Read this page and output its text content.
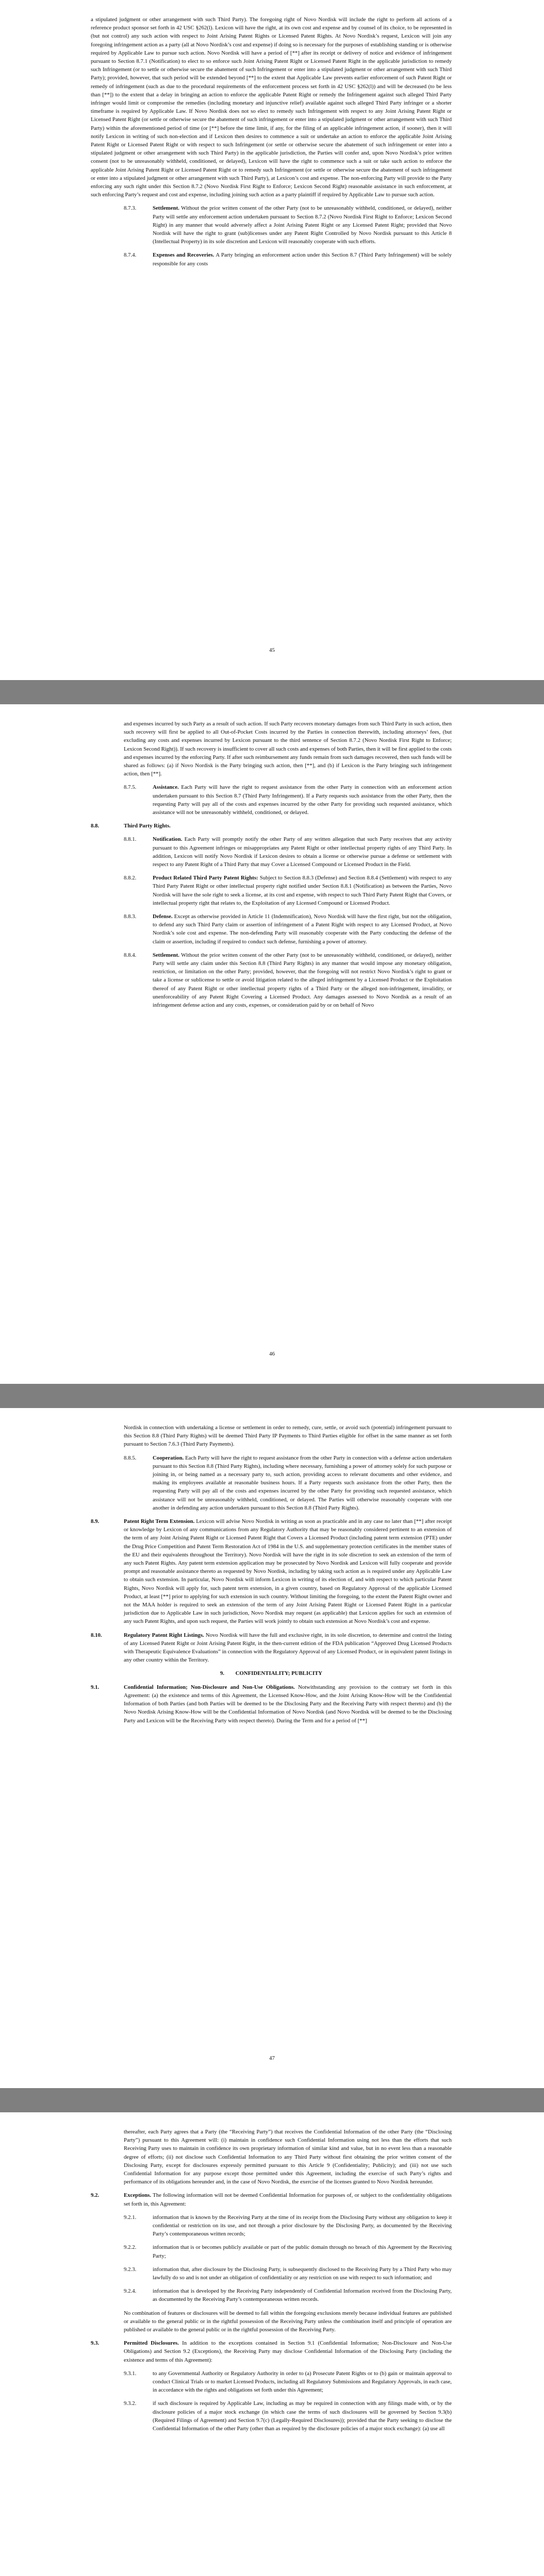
a stipulated judgment or other arrangement with such Third Party). The foregoing right of Novo Nordisk will include the right to perform all actions of a reference product sponsor set forth in 42 USC §262(l). Lexicon will have the right, at its own cost and expense and by counsel of its choice, to be represented in (but not control) any such action with respect to Joint Arising Patent Rights or Licensed Patent Rights. At Novo Nordisk’s request, Lexicon will join any foregoing infringement action as a party (all at Novo Nordisk’s cost and expense) if doing so is necessary for the purposes of establishing standing or is otherwise required by Applicable Law to pursue such action. Novo Nordisk will have a period of [**] after its receipt or delivery of notice and evidence of infringement pursuant to Section 8.7.1 (Notification) to elect to so enforce such Joint Arising Patent Right or Licensed Patent Right in the applicable jurisdiction to remedy such Infringement (or to settle or otherwise secure the abatement of such Infringement or enter into a stipulated judgment or other arrangement with such Third Party); provided, however, that such period will be extended beyond [**] to the extent that Applicable Law prevents earlier enforcement of such Patent Right or remedy of infringement (such as due to the procedural requirements of the enforcement process set forth in 42 USC §262(l)) and will be decreased (to be less than [**]) to the extent that a delay in bringing an action to enforce the applicable Patent Right or remedy the Infringement against such alleged Third Party infringer would limit or compromise the remedies (including monetary and injunctive relief) available against such alleged Third Party infringer or a shorter timeframe is required by Applicable Law. If Novo Nordisk does not so elect to remedy such Infringement with respect to any Joint Arising Patent Right or Licensed Patent Right (or settle or otherwise secure the abatement of such infringement or enter into a stipulated judgment or other arrangement with such Third Party) within the aforementioned period of time (or [**] before the time limit, if any, for the filing of an applicable infringement action, if sooner), then it will notify Lexicon in writing of such non-election and if Lexicon then desires to commence a suit or undertake an action to enforce the applicable Joint Arising Patent Right or Licensed Patent Right or with respect to such Infringement (or settle or otherwise secure the abatement of such infringement or enter into a stipulated judgment or other arrangement with such Third Party) in the applicable jurisdiction, the Parties will confer and, upon Novo Nordisk’s prior written consent (not to be unreasonably withheld, conditioned, or delayed), Lexicon will have the right to commence such a suit or take such action to enforce the applicable Joint Arising Patent Right or Licensed Patent Right or to remedy such Infringement (or settle or otherwise secure the abatement of such infringement or enter into a stipulated judgment or other arrangement with such Third Party), at Lexicon’s cost and expense. The non-enforcing Party will provide to the Party enforcing any such right under this Section 8.7.2 (Novo Nordisk First Right to Enforce; Lexicon Second Right) reasonable assistance in such enforcement, at such enforcing Party’s request and cost and expense, including joining such action as a party plaintiff if required by Applicable Law to pursue such action.

8.7.3.	Settlement. Without the prior written consent of the other Party (not to be unreasonably withheld, conditioned, or delayed), neither Party will settle any enforcement action undertaken pursuant to Section 8.7.2 (Novo Nordisk First Right to Enforce; Lexicon Second Right) in any manner that would adversely affect a Joint Arising Patent Right or any Licensed Patent Right; provided that Novo Nordisk will have the right to grant (sub)licenses under any Patent Right Controlled by Novo Nordisk pursuant to this Article 8 (Intellectual Property) in its sole discretion and Lexicon will reasonably cooperate with such efforts.
8.7.4.	Expenses and Recoveries. A Party bringing an enforcement action under this Section 8.7 (Third Party Infringement) will be solely responsible for any costs
45

and expenses incurred by such Party as a result of such action. If such Party recovers monetary damages from such Third Party in such action, then such recovery will first be applied to all Out-of-Pocket Costs incurred by the Parties in connection therewith, including attorneys’ fees, (but excluding any costs and expenses incurred by Lexicon pursuant to the third sentence of Section 8.7.2 (Novo Nordisk First Right to Enforce; Lexicon Second Right)). If such recovery is insufficient to cover all such costs and expenses of both Parties, then it will be first applied to the costs and expenses incurred by the enforcing Party. If after such reimbursement any funds remain from such damages recovered, then such funds will be shared as follows: (a) if Novo Nordisk is the Party bringing such action, then [**], and (b) if Lexicon is the Party bringing such infringement action, then [**].

8.7.5.	Assistance. Each Party will have the right to request assistance from the other Party in connection with an enforcement action undertaken pursuant to this Section 8.7 (Third Party Infringement). If a Party requests such assistance from the other Party, then the requesting Party will pay all of the costs and expenses incurred by the other Party for providing such requested assistance, which assistance will not be unreasonably withheld, conditioned, or delayed.
8.8.	Third Party Rights.
8.8.1.	Notification. Each Party will promptly notify the other Party of any written allegation that such Party receives that any activity pursuant to this Agreement infringes or misappropriates any Patent Right or other intellectual property rights of any Third Party. In addition, Lexicon will notify Novo Nordisk if Lexicon desires to obtain a license or otherwise pursue a defense or settlement with respect to any Patent Right of a Third Party that may Cover a Licensed Compound or Licensed Product in the Field.
8.8.2.	Product Related Third Party Patent Rights: Subject to Section 8.8.3 (Defense) and Section 8.8.4 (Settlement) with respect to any Third Party Patent Right or other intellectual property right notified under Section 8.8.1 (Notification) as between the Parties, Novo Nordisk will have the sole right to seek a license, at its cost and expense, with respect to such Third Party Patent Right that Covers, or intellectual property right that relates to, the Exploitation of any Licensed Compound or Licensed Product.
8.8.3.	Defense. Except as otherwise provided in Article 11 (Indemnification), Novo Nordisk will have the first right, but not the obligation, to defend any such Third Party claim or assertion of infringement of a Patent Right with respect to any Licensed Product, at Novo Nordisk’s sole cost and expense. The non-defending Party will reasonably cooperate with the Party conducting the defense of the claim or assertion, including if required to conduct such defense, furnishing a power of attorney.
8.8.4.	Settlement. Without the prior written consent of the other Party (not to be unreasonably withheld, conditioned, or delayed), neither Party will settle any claim under this Section 8.8 (Third Party Rights) in any manner that would impose any monetary obligation, restriction, or limitation on the other Party; provided, however, that the foregoing will not restrict Novo Nordisk’s right to grant or take a license or sublicense to settle or avoid litigation related to the alleged infringement by a Licensed Product or the Exploitation thereof of any Patent Right or other intellectual property rights of a Third Party or the alleged non-infringement, invalidity, or unenforceability of any Patent Right Covering a Licensed Product. Any damages assessed to Novo Nordisk as a result of an infringement defense action and any costs, expenses, or consideration paid by or on behalf of Novo
46

Nordisk in connection with undertaking a license or settlement in order to remedy, cure, settle, or avoid such (potential) infringement pursuant to this Section 8.8 (Third Party Rights) will be deemed Third Party IP Payments to Third Parties eligible for offset in the same manner as set forth pursuant to Section 7.6.3 (Third Party Payments).

8.8.5.	Cooperation. Each Party will have the right to request assistance from the other Party in connection with a defense action undertaken pursuant to this Section 8.8 (Third Party Rights), including where necessary, furnishing a power of attorney solely for such purpose or joining in, or being named as a necessary party to, such action, providing access to relevant documents and other evidence, and making its employees available at reasonable business hours. If a Party requests such assistance from the other Party, then the requesting Party will pay all of the costs and expenses incurred by the other Party for providing such requested assistance, which assistance will not be unreasonably withheld, conditioned, or delayed. The Parties will otherwise reasonably cooperate with one another in defending any action undertaken pursuant to this Section 8.8 (Third Party Rights).
8.9.	Patent Right Term Extension. Lexicon will advise Novo Nordisk in writing as soon as practicable and in any case no later than [**] after receipt or knowledge by Lexicon of any communications from any Regulatory Authority that may be reasonably considered pertinent to an extension of the term of any Joint Arising Patent Right or Licensed Patent Right that Covers a Licensed Product (including patent term extension (PTE) under the Drug Price Competition and Patent Term Restoration Act of 1984 in the U.S. and supplementary protection certificates in the member states of the EU and their equivalents throughout the Territory). Novo Nordisk will have the right in its sole discretion to seek an extension of the term of any such Patent Rights. Any patent term extension application may be prosecuted by Novo Nordisk and Lexicon will fully cooperate and provide prompt and reasonable assistance thereto as requested by Novo Nordisk, including by taking such action as is required under any Applicable Law to obtain such extension. In particular, Novo Nordisk will inform Lexicon in writing of its election of, and with respect to which particular Patent Rights, Novo Nordisk will apply for, such patent term extension, in a given country, based on Regulatory Approval of the applicable Licensed Product, at least [**] prior to applying for such extension in such country. Without limiting the foregoing, to the extent the Patent Right owner and not the MAA holder is required to seek an extension of the term of any Joint Arising Patent Right or Licensed Patent Right in a particular jurisdiction due to Applicable Law in such jurisdiction, Novo Nordisk may request (as applicable) that Lexicon applies for such an extension of any such Patent Rights, and upon such request, the Parties will work jointly to obtain such extension at Novo Nordisk’s cost and expense.
8.10.	Regulatory Patent Right Listings. Novo Nordisk will have the full and exclusive right, in its sole discretion, to determine and control the listing of any Licensed Patent Right or Joint Arising Patent Right, in the then-current edition of the FDA publication “Approved Drug Licensed Products with Therapeutic Equivalence Evaluations” in connection with the Regulatory Approval of any Licensed Product, or in equivalent patent listings in any other country within the Territory.
9.  CONFIDENTIALITY; PUBLICITY
9.1.	Confidential Information; Non-Disclosure and Non-Use Obligations. Notwithstanding any provision to the contrary set forth in this Agreement: (a) the existence and terms of this Agreement, the Licensed Know-How, and the Joint Arising Know-How will be the Confidential Information of both Parties (and both Parties will be deemed to be the Disclosing Party and the Receiving Party with respect thereto) and (b) the Novo Nordisk Arising Know-How will be the Confidential Information of Novo Nordisk (and Novo Nordisk will be deemed to be the Disclosing Party and Lexicon will be the Receiving Party with respect thereto). During the Term and for a period of [**]
47

thereafter, each Party agrees that a Party (the “Receiving Party”) that receives the Confidential Information of the other Party (the “Disclosing Party”) pursuant to this Agreement will: (i) maintain in confidence such Confidential Information using not less than the efforts that such Receiving Party uses to maintain in confidence its own proprietary information of similar kind and value, but in no event less than a reasonable degree of efforts; (ii) not disclose such Confidential Information to any Third Party without first obtaining the prior written consent of the Disclosing Party, except for disclosures expressly permitted pursuant to this Article 9 (Confidentiality; Publicity); and (iii) not use such Confidential Information for any purpose except those permitted under this Agreement, including the exercise of such Party’s rights and performance of its obligations hereunder and, in the case of Novo Nordisk, the exercise of the licenses granted to Novo Nordisk hereunder.

9.2.	Exceptions. The following information will not be deemed Confidential Information for purposes of, or subject to the confidentiality obligations set forth in, this Agreement:
9.2.1.	information that is known by the Receiving Party at the time of its receipt from the Disclosing Party without any obligation to keep it confidential or restriction on its use, and not through a prior disclosure by the Disclosing Party, as documented by the Receiving Party’s contemporaneous written records;
9.2.2.	information that is or becomes publicly available or part of the public domain through no breach of this Agreement by the Receiving Party;
9.2.3.	information that, after disclosure by the Disclosing Party, is subsequently disclosed to the Receiving Party by a Third Party who may lawfully do so and is not under an obligation of confidentiality or any restriction on use with respect to such information; and
9.2.4.	information that is developed by the Receiving Party independently of Confidential Information received from the Disclosing Party, as documented by the Receiving Party’s contemporaneous written records.

No combination of features or disclosures will be deemed to fall within the foregoing exclusions merely because individual features are published or available to the general public or in the rightful possession of the Receiving Party unless the combination itself and principle of operation are published or available to the general public or in the rightful possession of the Receiving Party.

9.3.	Permitted Disclosures. In addition to the exceptions contained in Section 9.1 (Confidential Information; Non-Disclosure and Non-Use Obligations) and Section 9.2 (Exceptions), the Receiving Party may disclose Confidential Information of the Disclosing Party (including the existence and terms of this Agreement):
9.3.1.	to any Governmental Authority or Regulatory Authority in order to (a) Prosecute Patent Rights or to (b) gain or maintain approval to conduct Clinical Trials or to market Licensed Products, including all Regulatory Submissions and Regulatory Approvals, in each case, in accordance with the rights and obligations set forth under this Agreement;
9.3.2.	if such disclosure is required by Applicable Law, including as may be required in connection with any filings made with, or by the disclosure policies of a major stock exchange (in which case the terms of such disclosures will be governed by Section 9.3(b) (Required Filings of Agreement) and Section 9.7(c) (Legally-Required Disclosures)); provided that the Party seeking to disclose the Confidential Information of the other Party (other than as required by the disclosure policies of a major stock exchange): (a) use all
